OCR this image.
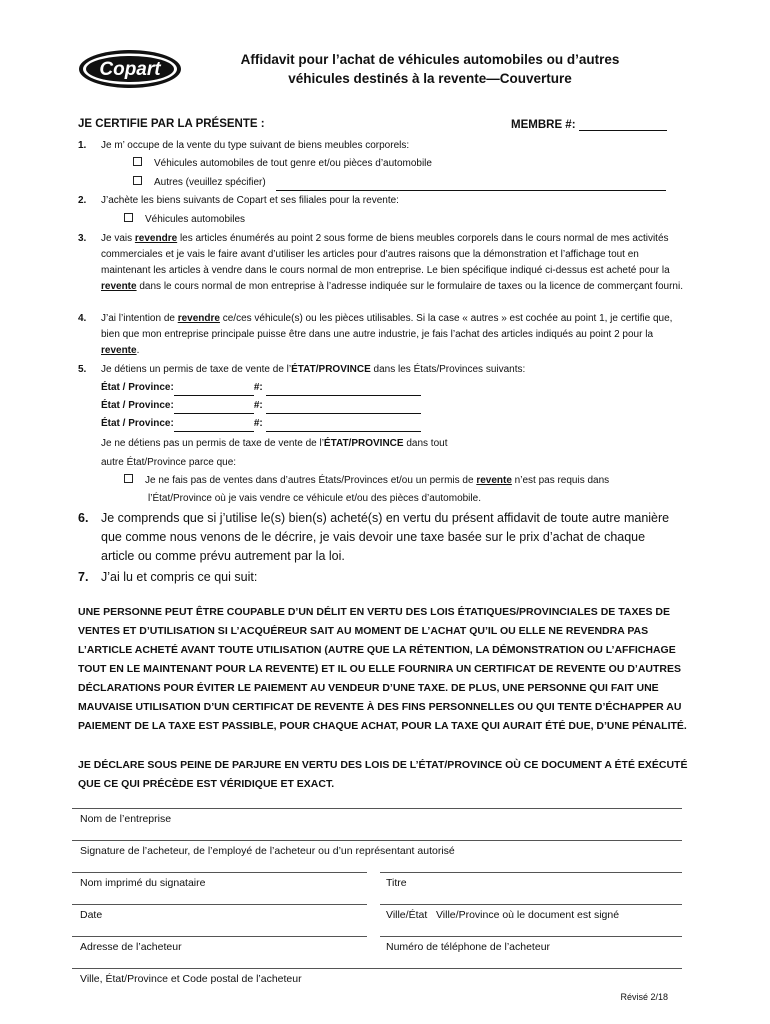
Copart	Affidavit pour l’achat de véhicules automobiles ou d’autres
véhicules destinés à la revente—Couverture
JE CERTIFIE PAR LA PRÉSENTE :	MEMBRE #:
1. Je m’ occupe de la vente du type suivant de biens meubles corporels:
Véhicules automobiles de tout genre et/ou pièces d’automobile
Autres (veuillez spécifier)
2. J’achète les biens suivants de Copart et ses filiales pour la revente:
Véhicules automobiles
3. Je vais revendre les articles énumérés au point 2 sous forme de biens meubles corporels dans le cours normal de mes activités commerciales et je vais le faire avant d’utiliser les articles pour d’autres raisons que la démonstration et l’affichage tout en maintenant les articles à vendre dans le cours normal de mon entreprise. Le bien spécifique indiqué ci-dessus est acheté pour la revente dans le cours normal de mon entreprise à l’adresse indiquée sur le formulaire de taxes ou la licence de commerçant fourni.
4. J’ai l’intention de revendre ce/ces véhicule(s) ou les pièces utilisables. Si la case « autres » est cochée au point 1, je certifie que, bien que mon entreprise principale puisse être dans une autre industrie, je fais l’achat des articles indiqués au point 2 pour la revente.
5. Je détiens un permis de taxe de vente de l’ÉTAT/PROVINCE dans les États/Provinces suivants:
État / Province:	#:
État / Province:	#:
État / Province:	#:
Je ne détiens pas un permis de taxe de vente de l’ÉTAT/PROVINCE dans tout
autre État/Province parce que:
Je ne fais pas de ventes dans d’autres États/Provinces et/ou un permis de revente n’est pas requis dans
l’État/Province où je vais vendre ce véhicule et/ou des pièces d’automobile.
6. Je comprends que si j’utilise le(s) bien(s) acheté(s) en vertu du présent affidavit de toute autre manière que comme nous venons de le décrire, je vais devoir une taxe basée sur le prix d’achat de chaque article ou comme prévu autrement par la loi.
7. J’ai lu et compris ce qui suit:
UNE PERSONNE PEUT ÊTRE COUPABLE D’UN DÉLIT EN VERTU DES LOIS ÉTATIQUES/PROVINCIALES DE TAXES DE VENTES ET D’UTILISATION SI L’ACQUÉREUR SAIT AU MOMENT DE L’ACHAT QU’IL OU ELLE NE REVENDRA PAS L’ARTICLE ACHETÉ AVANT TOUTE UTILISATION (AUTRE QUE LA RÉTENTION, LA DÉMONSTRATION OU L’AFFICHAGE TOUT EN LE MAINTENANT POUR LA REVENTE) ET IL OU ELLE FOURNIRA UN CERTIFICAT DE REVENTE OU D’AUTRES DÉCLARATIONS POUR ÉVITER LE PAIEMENT AU VENDEUR D’UNE TAXE. DE PLUS, UNE PERSONNE QUI FAIT UNE MAUVAISE UTILISATION D’UN CERTIFICAT DE REVENTE À DES FINS PERSONNELLES OU QUI TENTE D’ÉCHAPPER AU PAIEMENT DE LA TAXE EST PASSIBLE, POUR CHAQUE ACHAT, POUR LA TAXE QUI AURAIT ÉTÉ DUE, D’UNE PÉNALITÉ.
JE DÉCLARE SOUS PEINE DE PARJURE EN VERTU DES LOIS DE L’ÉTAT/PROVINCE OÙ CE DOCUMENT A ÉTÉ EXÉCUTÉ QUE CE QUI PRÉCÈDE EST VÉRIDIQUE ET EXACT.
Nom de l’entreprise
Signature de l’acheteur, de l’employé de l’acheteur ou d’un représentant autorisé
Nom imprimé du signataire	Titre
Date	Ville/État   Ville/Province où le document est signé
Adresse de l’acheteur	Numéro de téléphone de l’acheteur
Ville, État/Province et Code postal de l’acheteur
Révisé 2/18
